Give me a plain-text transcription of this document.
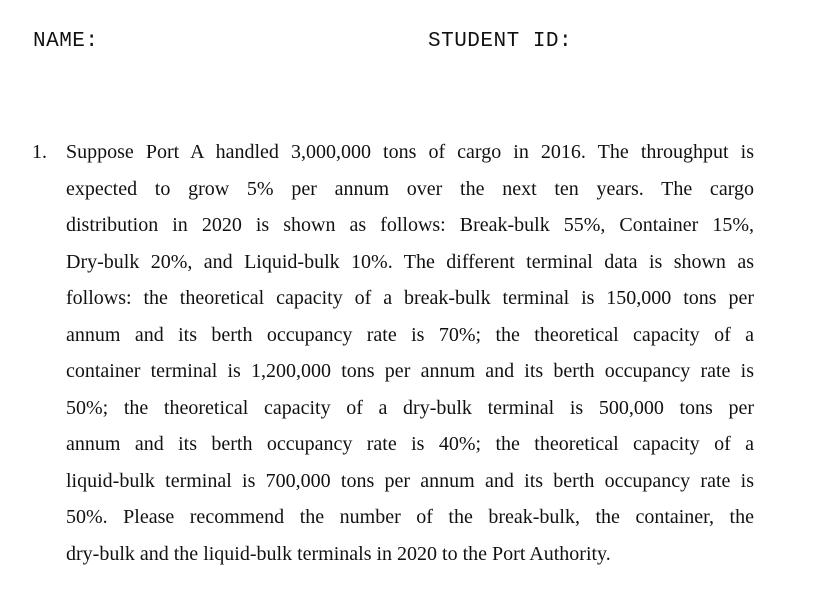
NAME:	STUDENT ID:
1. Suppose Port A handled 3,000,000 tons of cargo in 2016. The throughput is
expected to grow 5% per annum over the next ten years. The cargo
distribution in 2020 is shown as follows: Break-bulk 55%, Container 15%,
Dry-bulk 20%, and Liquid-bulk 10%. The different terminal data is shown as
follows: the theoretical capacity of a break-bulk terminal is 150,000 tons per
annum and its berth occupancy rate is 70%; the theoretical capacity of a
container terminal is 1,200,000 tons per annum and its berth occupancy rate is
50%; the theoretical capacity of a dry-bulk terminal is 500,000 tons per
annum and its berth occupancy rate is 40%; the theoretical capacity of a
liquid-bulk terminal is 700,000 tons per annum and its berth occupancy rate is
50%. Please recommend the number of the break-bulk, the container, the
dry-bulk and the liquid-bulk terminals in 2020 to the Port Authority.
